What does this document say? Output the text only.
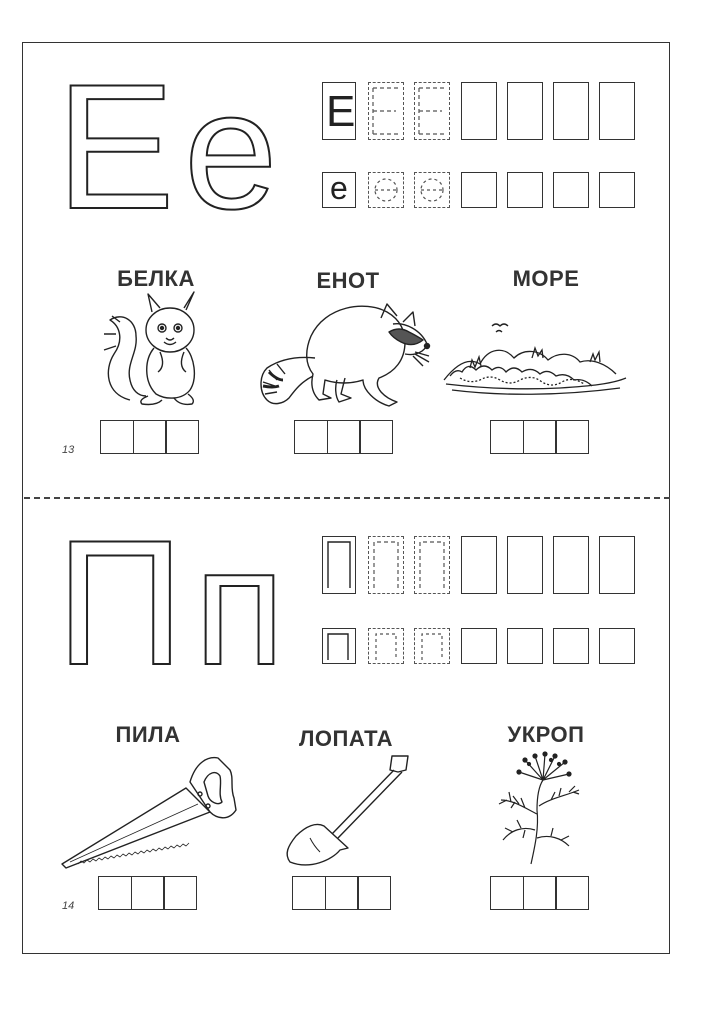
Е е Е
е
БЕЛКА	ЕНОТ	МОРЕ
13
П п
ПИЛА	ЛОПАТА	УКРОП
14
